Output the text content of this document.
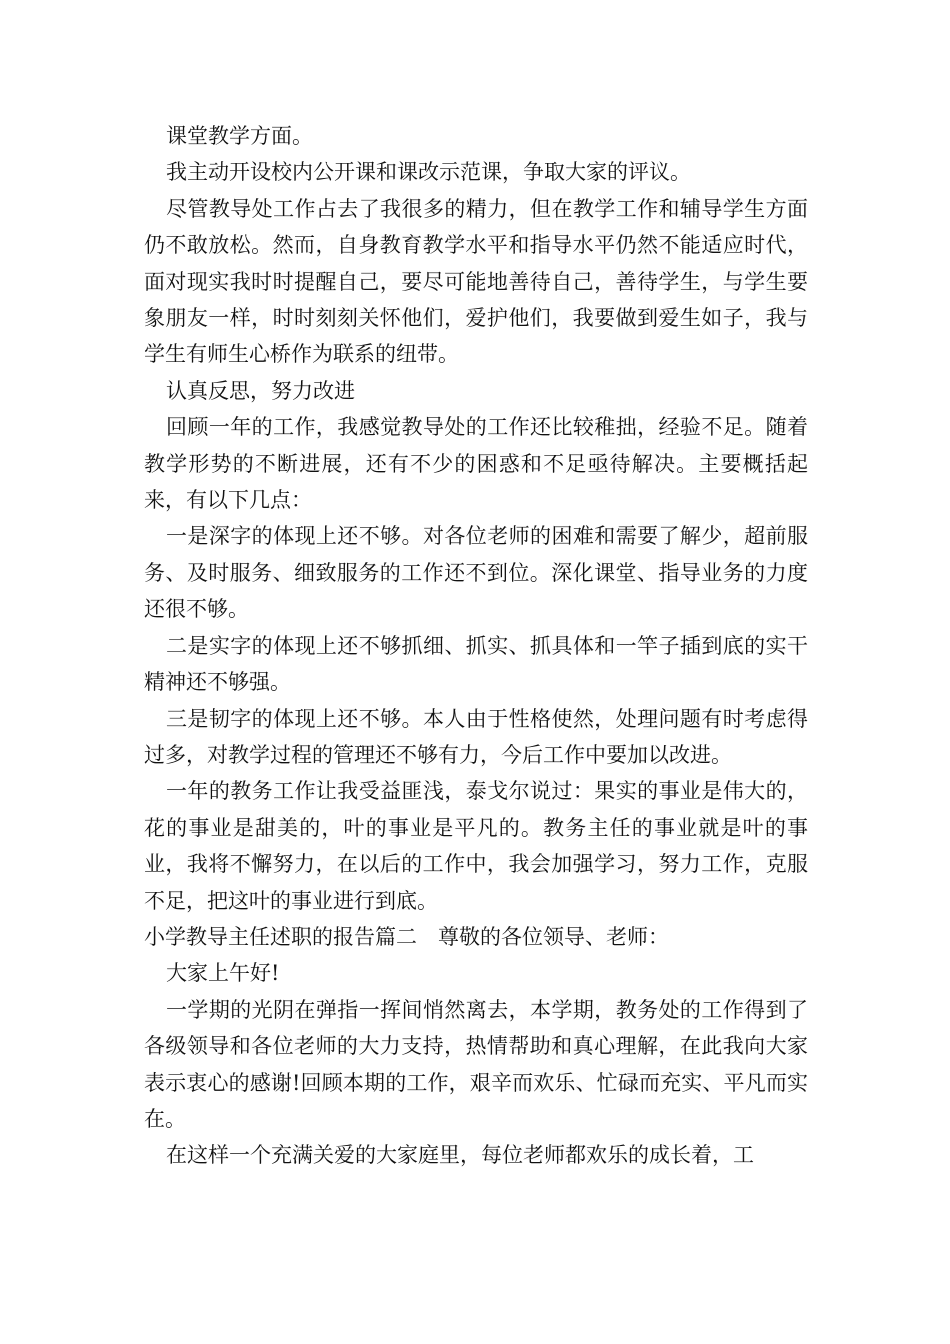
课堂教学方面。

我主动开设校内公开课和课改示范课，争取大家的评议。

尽管教导处工作占去了我很多的精力，但在教学工作和辅导学生方面仍不敢放松。然而，自身教育教学水平和指导水平仍然不能适应时代，面对现实我时时提醒自己，要尽可能地善待自己，善待学生，与学生要象朋友一样，时时刻刻关怀他们，爱护他们，我要做到爱生如子，我与学生有师生心桥作为联系的纽带。

认真反思，努力改进

回顾一年的工作，我感觉教导处的工作还比较稚拙，经验不足。随着教学形势的不断进展，还有不少的困惑和不足亟待解决。主要概括起来，有以下几点：

一是深字的体现上还不够。对各位老师的困难和需要了解少，超前服务、及时服务、细致服务的工作还不到位。深化课堂、指导业务的力度还很不够。

二是实字的体现上还不够抓细、抓实、抓具体和一竿子插到底的实干精神还不够强。

三是韧字的体现上还不够。本人由于性格使然，处理问题有时考虑得过多，对教学过程的管理还不够有力，今后工作中要加以改进。

一年的教务工作让我受益匪浅，泰戈尔说过：果实的事业是伟大的，花的事业是甜美的，叶的事业是平凡的。教务主任的事业就是叶的事业，我将不懈努力，在以后的工作中，我会加强学习，努力工作，克服不足，把这叶的事业进行到底。

小学教导主任述职的报告篇二　尊敬的各位领导、老师：

大家上午好!

一学期的光阴在弹指一挥间悄然离去，本学期，教务处的工作得到了各级领导和各位老师的大力支持，热情帮助和真心理解，在此我向大家表示衷心的感谢!回顾本期的工作，艰辛而欢乐、忙碌而充实、平凡而实在。

在这样一个充满关爱的大家庭里，每位老师都欢乐的成长着，工
